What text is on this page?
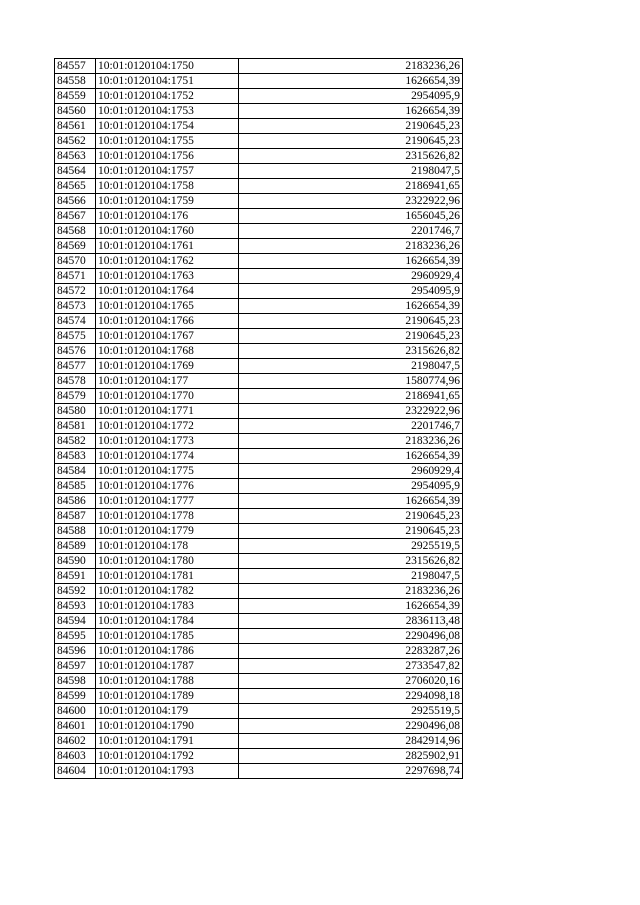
84557	10:01:0120104:1750	2183236,26
84558	10:01:0120104:1751	1626654,39
84559	10:01:0120104:1752	2954095,9
84560	10:01:0120104:1753	1626654,39
84561	10:01:0120104:1754	2190645,23
84562	10:01:0120104:1755	2190645,23
84563	10:01:0120104:1756	2315626,82
84564	10:01:0120104:1757	2198047,5
84565	10:01:0120104:1758	2186941,65
84566	10:01:0120104:1759	2322922,96
84567	10:01:0120104:176	1656045,26
84568	10:01:0120104:1760	2201746,7
84569	10:01:0120104:1761	2183236,26
84570	10:01:0120104:1762	1626654,39
84571	10:01:0120104:1763	2960929,4
84572	10:01:0120104:1764	2954095,9
84573	10:01:0120104:1765	1626654,39
84574	10:01:0120104:1766	2190645,23
84575	10:01:0120104:1767	2190645,23
84576	10:01:0120104:1768	2315626,82
84577	10:01:0120104:1769	2198047,5
84578	10:01:0120104:177	1580774,96
84579	10:01:0120104:1770	2186941,65
84580	10:01:0120104:1771	2322922,96
84581	10:01:0120104:1772	2201746,7
84582	10:01:0120104:1773	2183236,26
84583	10:01:0120104:1774	1626654,39
84584	10:01:0120104:1775	2960929,4
84585	10:01:0120104:1776	2954095,9
84586	10:01:0120104:1777	1626654,39
84587	10:01:0120104:1778	2190645,23
84588	10:01:0120104:1779	2190645,23
84589	10:01:0120104:178	2925519,5
84590	10:01:0120104:1780	2315626,82
84591	10:01:0120104:1781	2198047,5
84592	10:01:0120104:1782	2183236,26
84593	10:01:0120104:1783	1626654,39
84594	10:01:0120104:1784	2836113,48
84595	10:01:0120104:1785	2290496,08
84596	10:01:0120104:1786	2283287,26
84597	10:01:0120104:1787	2733547,82
84598	10:01:0120104:1788	2706020,16
84599	10:01:0120104:1789	2294098,18
84600	10:01:0120104:179	2925519,5
84601	10:01:0120104:1790	2290496,08
84602	10:01:0120104:1791	2842914,96
84603	10:01:0120104:1792	2825902,91
84604	10:01:0120104:1793	2297698,74
